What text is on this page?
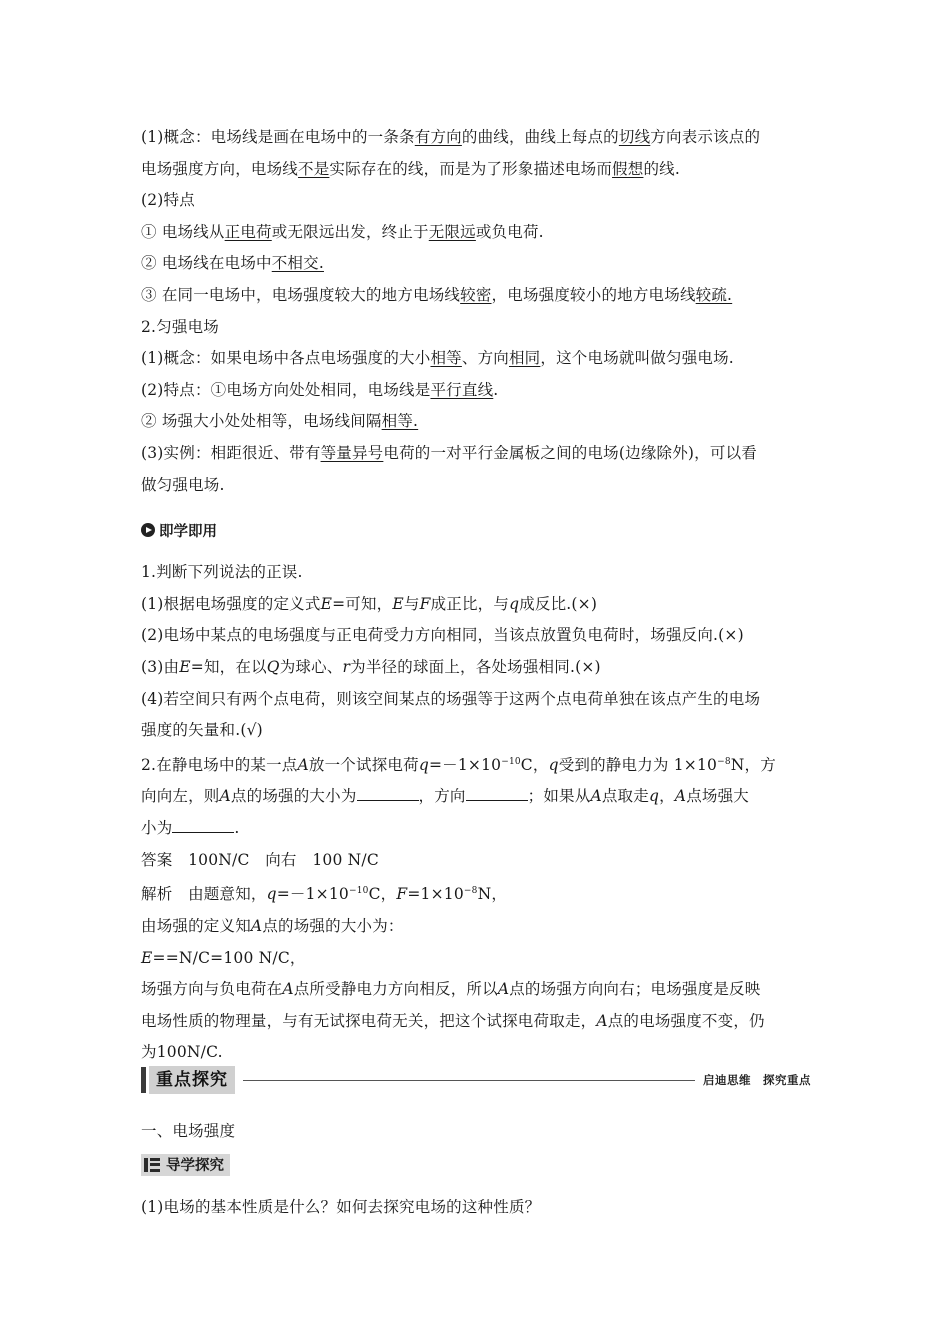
(1)概念：电场线是画在电场中的一条条有方向的曲线，曲线上每点的切线方向表示该点的
电场强度方向，电场线不是实际存在的线，而是为了形象描述电场而假想的线.
(2)特点
① 电场线从正电荷或无限远出发，终止于无限远或负电荷.
② 电场线在电场中不相交.
③ 在同一电场中，电场强度较大的地方电场线较密，电场强度较小的地方电场线较疏.
2.匀强电场
(1)概念：如果电场中各点电场强度的大小相等、方向相同，这个电场就叫做匀强电场.
(2)特点：①电场方向处处相同，电场线是平行直线.
② 场强大小处处相等，电场线间隔相等.
(3)实例：相距很近、带有等量异号电荷的一对平行金属板之间的电场(边缘除外)，可以看
做匀强电场.
即学即用
1.判断下列说法的正误.
(1)根据电场强度的定义式E=可知，E与F成正比，与q成反比.(×)
(2)电场中某点的电场强度与正电荷受力方向相同，当该点放置负电荷时，场强反向.(×)
(3)由E=知，在以Q为球心、r为半径的球面上，各处场强相同.(×)
(4)若空间只有两个点电荷，则该空间某点的场强等于这两个点电荷单独在该点产生的电场
强度的矢量和.(√)
2.在静电场中的某一点A放一个试探电荷$q=-1\times 10^{-10}C$，q受到的静电力为 $1\times 10^{-8}N$，方
向向左，则A点的场强的大小为	，方向	；如果从A点取走q，A点场强大
小为	.
答案　100N/C　向右　100 N/C
解析　由题意知，$q=-1\times 10^{-10}C$，$F=1\times 10^{-8}N$，
由场强的定义知A点的场强的大小为：
E==N/C=100 N/C，
场强方向与负电荷在A点所受静电力方向相反，所以A点的场强方向向右；电场强度是反映
电场性质的物理量，与有无试探电荷无关，把这个试探电荷取走，A点的电场强度不变，仍
为100N/C.
重点探究	启迪思维　探究重点
一、电场强度
导学探究
(1)电场的基本性质是什么？如何去探究电场的这种性质？
